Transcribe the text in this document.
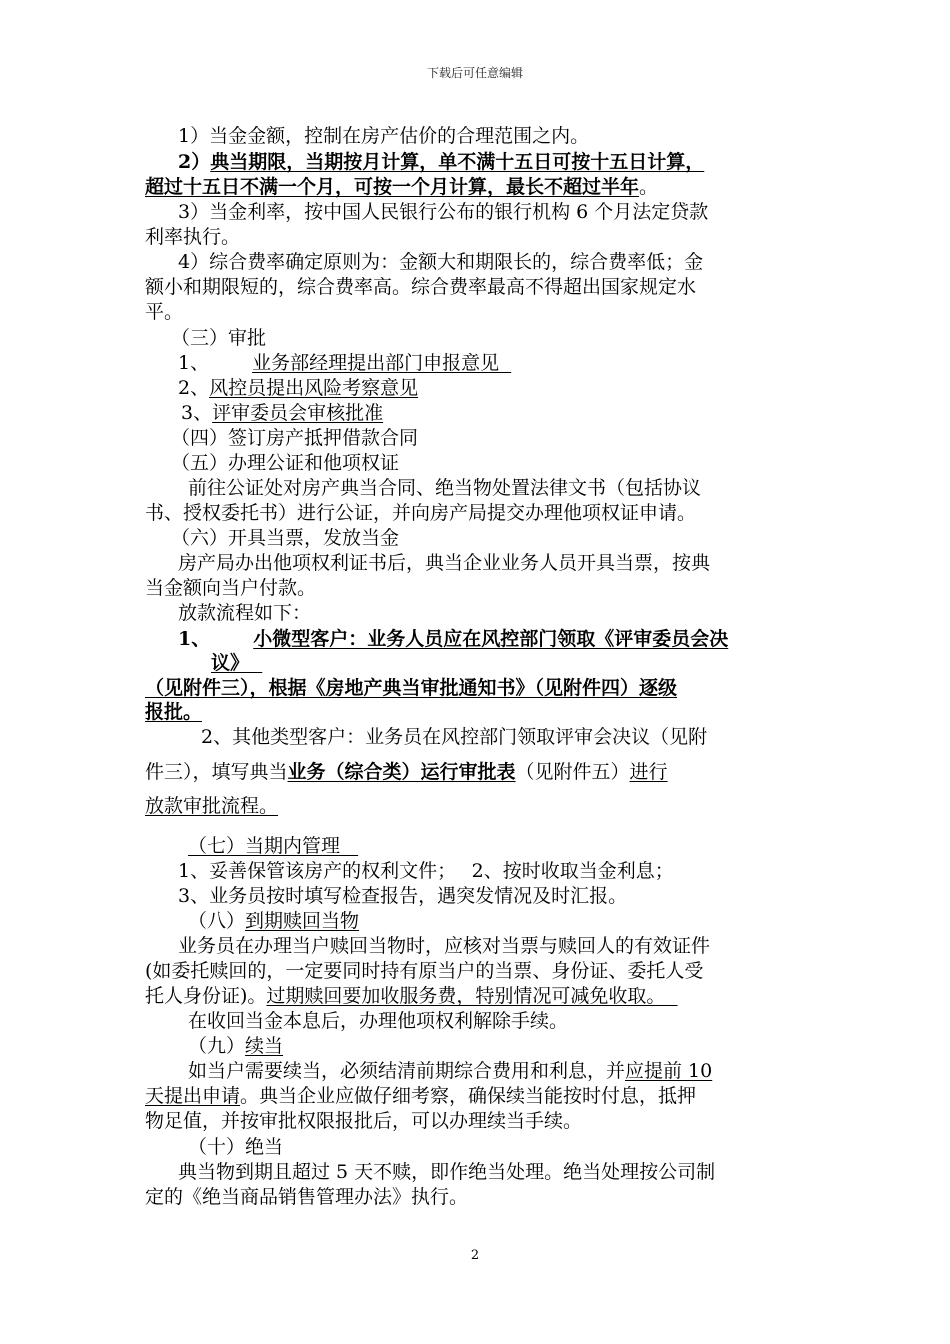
下载后可任意编辑
1）当金金额，控制在房产估价的合理范围之内。
2）典当期限，当期按月计算，单不满十五日可按十五日计算，
超过十五日不满一个月，可按一个月计算，最长不超过半年。
3）当金利率，按中国人民银行公布的银行机构 6 个月法定贷款
利率执行。
4）综合费率确定原则为：金额大和期限长的，综合费率低；金
额小和期限短的，综合费率高。综合费率最高不得超出国家规定水
平。
（三）审批
1、 业务部经理提出部门申报意见
2、风控员提出风险考察意见
3、评审委员会审核批准
（四）签订房产抵押借款合同
（五）办理公证和他项权证
前往公证处对房产典当合同、绝当物处置法律文书（包括协议
书、授权委托书）进行公证，并向房产局提交办理他项权证申请。
（六）开具当票，发放当金
房产局办出他项权利证书后，典当企业业务人员开具当票，按典
当金额向当户付款。
放款流程如下：
1、 小微型客户：业务人员应在风控部门领取《评审委员会决
议》
（见附件三），根据《房地产典当审批通知书》（见附件四）逐级
报批。
2、其他类型客户：业务员在风控部门领取评审会决议（见附
件三），填写典当业务（综合类）运行审批表（见附件五）进行
放款审批流程。
（七）当期内管理
1、妥善保管该房产的权利文件；　 2、按时收取当金利息；
3、业务员按时填写检查报告，遇突发情况及时汇报。
（八）到期赎回当物
业务员在办理当户赎回当物时，应核对当票与赎回人的有效证件
(如委托赎回的，一定要同时持有原当户的当票、身份证、委托人受
托人身份证)。过期赎回要加收服务费，特别情况可减免收取。
在收回当金本息后，办理他项权利解除手续。
（九）续当
如当户需要续当，必须结清前期综合费用和利息，并应提前 10
天提出申请。典当企业应做仔细考察，确保续当能按时付息，抵押
物足值，并按审批权限报批后，可以办理续当手续。
（十）绝当
典当物到期且超过 5 天不赎，即作绝当处理。绝当处理按公司制
定的《绝当商品销售管理办法》执行。
2
